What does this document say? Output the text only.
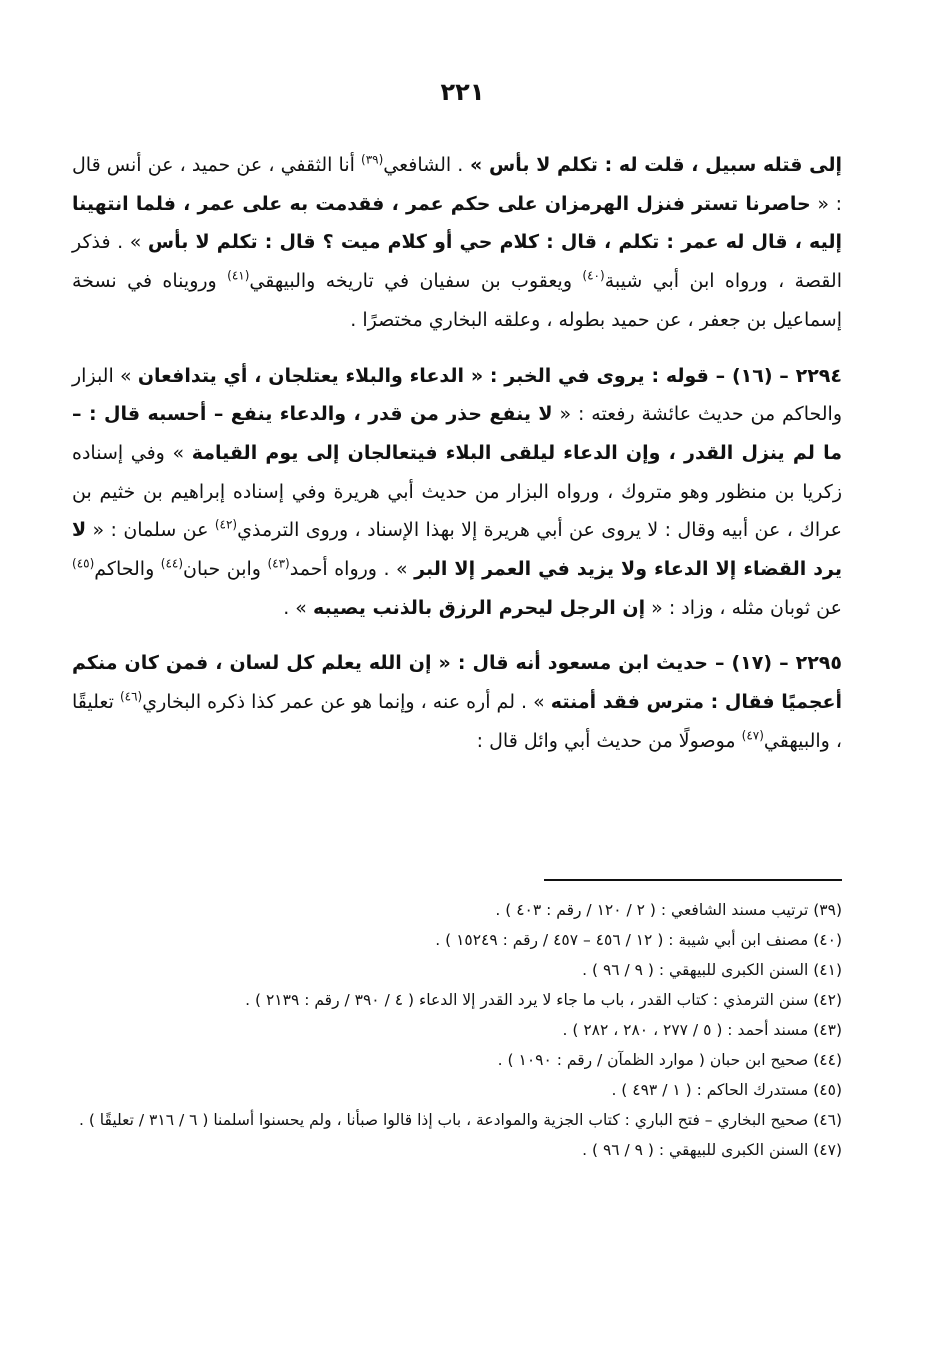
٢٢١

إلى قتله سبيل ، قلت له : تكلم لا بأس » . الشافعي$^{(٣٩)}$ أنا الثقفي ، عن حميد ، عن أنس قال : « حاصرنا تستر فنزل الهرمزان على حكم عمر ، فقدمت به على عمر ، فلما انتهينا إليه ، قال له عمر : تكلم ، قال : كلام حي أو كلام ميت ؟ قال : تكلم لا بأس » . فذكر القصة ، ورواه ابن أبي شيبة$^{(٤٠)}$ ويعقوب بن سفيان في تاريخه والبيهقي$^{(٤١)}$ ورويناه في نسخة إسماعيل بن جعفر ، عن حميد بطوله ، وعلقه البخاري مختصرًا .

٢٢٩٤ – (١٦) – قوله : يروى في الخبر : « الدعاء والبلاء يعتلجان ، أي يتدافعان » البزار والحاكم من حديث عائشة رفعته : « لا ينفع حذر من قدر ، والدعاء ينفع – أحسبه قال : – ما لم ينزل القدر ، وإن الدعاء ليلقى البلاء فيتعالجان إلى يوم القيامة » وفي إسناده زكريا بن منظور وهو متروك ، ورواه البزار من حديث أبي هريرة وفي إسناده إبراهيم بن خثيم بن عراك ، عن أبيه وقال : لا يروى عن أبي هريرة إلا بهذا الإسناد ، وروى الترمذي$^{(٤٢)}$ عن سلمان : « لا يرد القضاء إلا الدعاء ولا يزيد في العمر إلا البر » . ورواه أحمد$^{(٤٣)}$ وابن حبان$^{(٤٤)}$ والحاكم$^{(٤٥)}$ عن ثوبان مثله ، وزاد : « إن الرجل ليحرم الرزق بالذنب يصيبه » .

٢٢٩٥ – (١٧) – حديث ابن مسعود أنه قال : « إن الله يعلم كل لسان ، فمن كان منكم أعجميًا فقال : مترس فقد أمنته » . لم أره عنه ، وإنما هو عن عمر كذا ذكره البخاري$^{(٤٦)}$ تعليقًا ، والبيهقي$^{(٤٧)}$ موصولًا من حديث أبي وائل قال :

(٣٩) ترتيب مسند الشافعي : ( ٢ / ١٢٠ / رقم : ٤٠٣ ) .

(٤٠) مصنف ابن أبي شيبة : ( ١٢ / ٤٥٦ – ٤٥٧ / رقم : ١٥٢٤٩ ) .

(٤١) السنن الكبرى للبيهقي : ( ٩ / ٩٦ ) .

(٤٢) سنن الترمذي : كتاب القدر ، باب ما جاء لا يرد القدر إلا الدعاء ( ٤ / ٣٩٠ / رقم : ٢١٣٩ ) .

(٤٣) مسند أحمد : ( ٥ / ٢٧٧ ، ٢٨٠ ، ٢٨٢ ) .

(٤٤) صحيح ابن حبان ( موارد الظمآن / رقم : ١٠٩٠ ) .

(٤٥) مستدرك الحاكم : ( ١ / ٤٩٣ ) .

(٤٦) صحيح البخاري – فتح الباري : كتاب الجزية والموادعة ، باب إذا قالوا صبأنا ، ولم يحسنوا أسلمنا ( ٦ / ٣١٦ / تعليقًا ) .

(٤٧) السنن الكبرى للبيهقي : ( ٩ / ٩٦ ) .
